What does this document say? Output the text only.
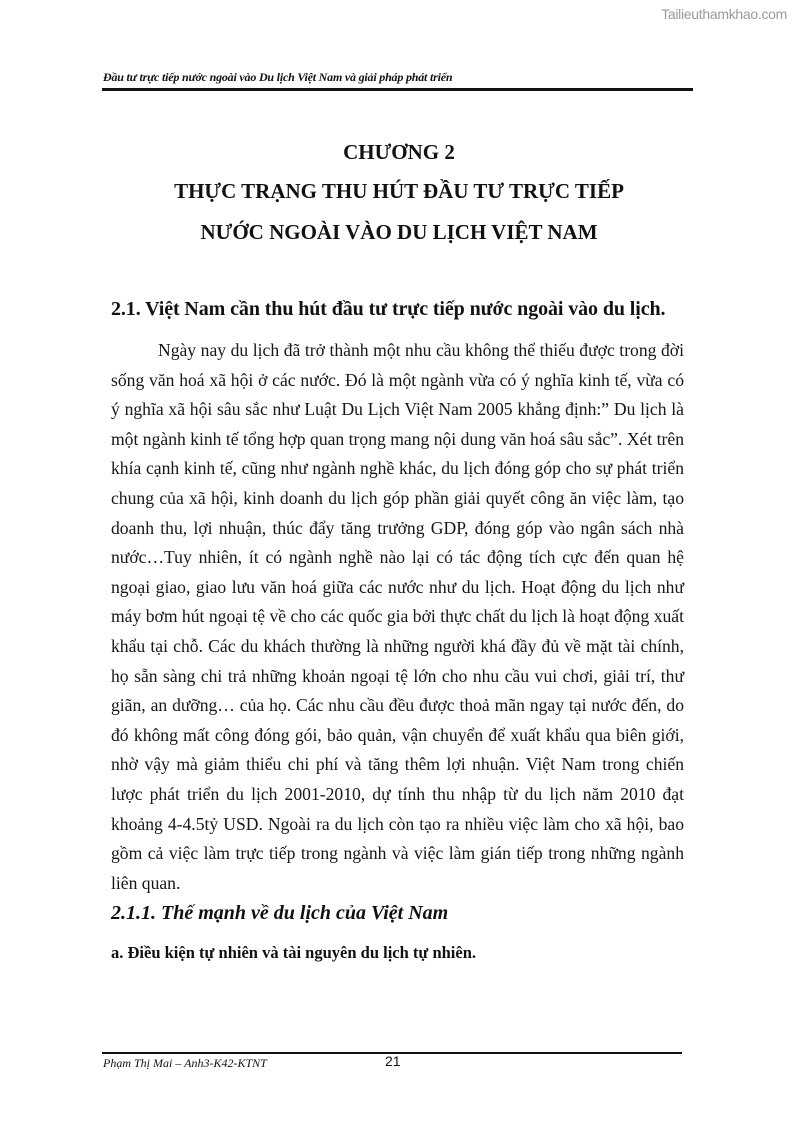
Tailieuthamkhao.com
Đầu tư trực tiếp nước ngoài vào Du lịch Việt Nam và giải pháp phát triển
CHƯƠNG 2
THỰC TRẠNG THU HÚT ĐẦU TƯ TRỰC TIẾP
NƯỚC NGOÀI VÀO DU LỊCH VIỆT NAM
2.1. Việt Nam cần thu hút đầu tư trực tiếp nước ngoài vào du lịch.

Ngày nay du lịch đã trở thành một nhu cầu không thể thiếu được trong đời sống văn hoá xã hội ở các nước. Đó là một ngành vừa có ý nghĩa kinh tế, vừa có ý nghĩa xã hội sâu sắc như Luật Du Lịch Việt Nam 2005 khẳng định:” Du lịch là một ngành kinh tế tổng hợp quan trọng mang nội dung văn hoá sâu sắc”. Xét trên khía cạnh kinh tế, cũng như ngành nghề khác, du lịch đóng góp cho sự phát triển chung của xã hội, kinh doanh du lịch góp phần giải quyết công ăn việc làm, tạo doanh thu, lợi nhuận, thúc đẩy tăng trưởng GDP, đóng góp vào ngân sách nhà nước…Tuy nhiên, ít có ngành nghề nào lại có tác động tích cực đến quan hệ ngoại giao, giao lưu văn hoá giữa các nước như du lịch. Hoạt động du lịch như máy bơm hút ngoại tệ về cho các quốc gia bởi thực chất du lịch là hoạt động xuất khẩu tại chỗ. Các du khách thường là những người khá đầy đủ về mặt tài chính, họ sẵn sàng chi trả những khoản ngoại tệ lớn cho nhu cầu vui chơi, giải trí, thư giãn, an dưỡng… của họ. Các nhu cầu đều được thoả mãn ngay tại nước đến, do đó không mất công đóng gói, bảo quản, vận chuyển để xuất khẩu qua biên giới, nhờ vậy mà giảm thiểu chi phí và tăng thêm lợi nhuận. Việt Nam trong chiến lược phát triển du lịch 2001-2010, dự tính thu nhập từ du lịch năm 2010 đạt khoảng 4-4.5tỷ USD. Ngoài ra du lịch còn tạo ra nhiều việc làm cho xã hội, bao gồm cả việc làm trực tiếp trong ngành và việc làm gián tiếp trong những ngành liên quan.

2.1.1. Thế mạnh về du lịch của Việt Nam
a. Điều kiện tự nhiên và tài nguyên du lịch tự nhiên.
Phạm Thị Mai – Anh3-K42-KTNT	21
